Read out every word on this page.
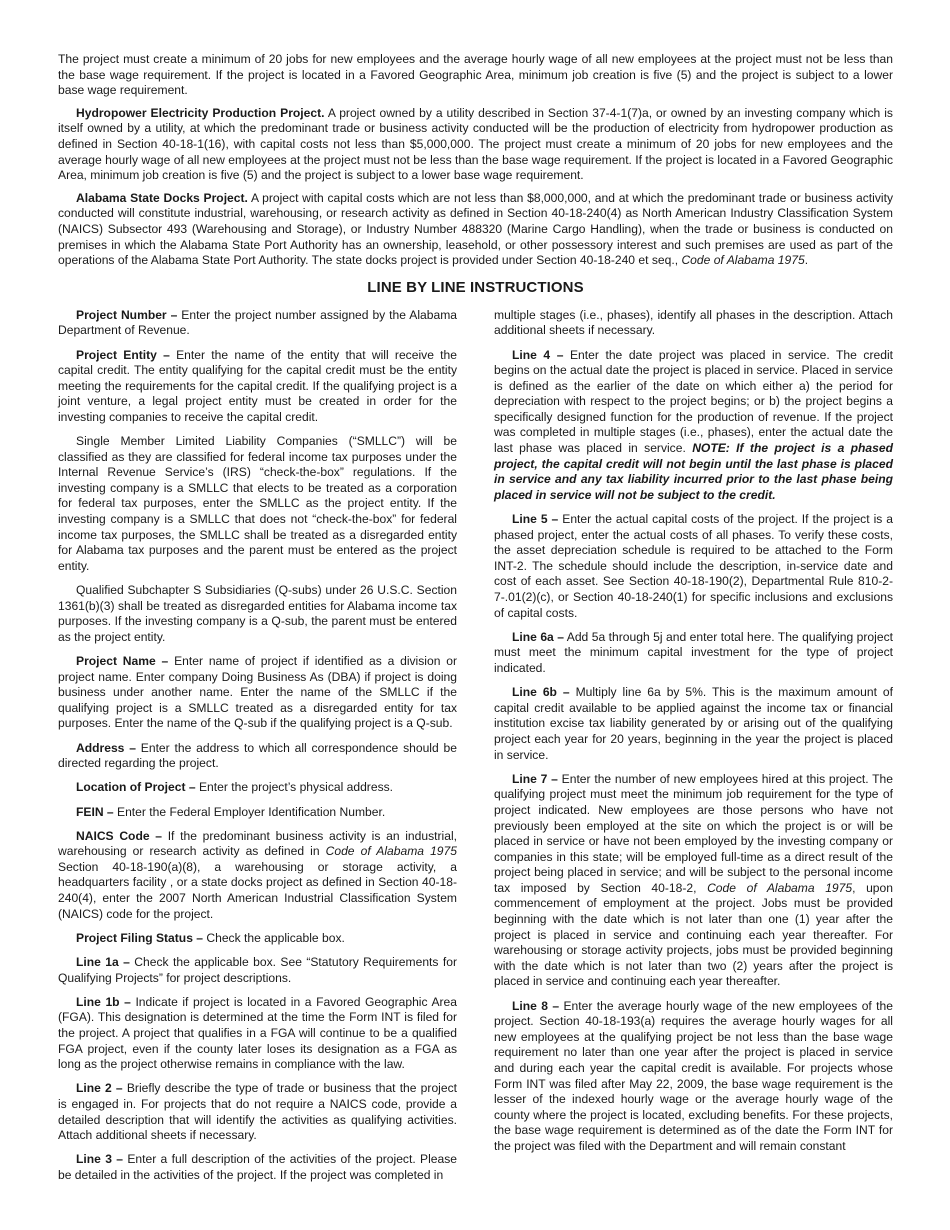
The project must create a minimum of 20 jobs for new employees and the average hourly wage of all new employees at the project must not be less than the base wage requirement. If the project is located in a Favored Geographic Area, minimum job creation is five (5) and the project is subject to a lower base wage requirement.

Hydropower Electricity Production Project. A project owned by a utility described in Section 37-4-1(7)a, or owned by an investing company which is itself owned by a utility, at which the predominant trade or business activity conducted will be the production of electricity from hydropower production as defined in Section 40-18-1(16), with capital costs not less than $5,000,000. The project must create a minimum of 20 jobs for new employees and the average hourly wage of all new employees at the project must not be less than the base wage requirement. If the project is located in a Favored Geographic Area, minimum job creation is five (5) and the project is subject to a lower base wage requirement.

Alabama State Docks Project. A project with capital costs which are not less than $8,000,000, and at which the predominant trade or business activity conducted will constitute industrial, warehousing, or research activity as defined in Section 40-18-240(4) as North American Industry Classification System (NAICS) Subsector 493 (Warehousing and Storage), or Industry Number 488320 (Marine Cargo Handling), when the trade or business is conducted on premises in which the Alabama State Port Authority has an ownership, leasehold, or other possessory interest and such premises are used as part of the operations of the Alabama State Port Authority. The state docks project is provided under Section 40-18-240 et seq., Code of Alabama 1975.

LINE BY LINE INSTRUCTIONS

Project Number – Enter the project number assigned by the Alabama Department of Revenue.

Project Entity – Enter the name of the entity that will receive the capital credit. The entity qualifying for the capital credit must be the entity meeting the requirements for the capital credit. If the qualifying project is a joint venture, a legal project entity must be created in order for the investing companies to receive the capital credit.

Single Member Limited Liability Companies (“SMLLC”) will be classified as they are classified for federal income tax purposes under the Internal Revenue Service’s (IRS) “check-the-box” regulations. If the investing company is a SMLLC that elects to be treated as a corporation for federal tax purposes, enter the SMLLC as the project entity. If the investing company is a SMLLC that does not “check-the-box” for federal income tax purposes, the SMLLC shall be treated as a disregarded entity for Alabama tax purposes and the parent must be entered as the project entity.

Qualified Subchapter S Subsidiaries (Q-subs) under 26 U.S.C. Section 1361(b)(3) shall be treated as disregarded entities for Alabama income tax purposes. If the investing company is a Q-sub, the parent must be entered as the project entity.

Project Name – Enter name of project if identified as a division or project name. Enter company Doing Business As (DBA) if project is doing business under another name. Enter the name of the SMLLC if the qualifying project is a SMLLC treated as a disregarded entity for tax purposes. Enter the name of the Q-sub if the qualifying project is a Q-sub.

Address – Enter the address to which all correspondence should be directed regarding the project.

Location of Project – Enter the project’s physical address.

FEIN – Enter the Federal Employer Identification Number.

NAICS Code – If the predominant business activity is an industrial, warehousing or research activity as defined in Code of Alabama 1975 Section 40-18-190(a)(8), a warehousing or storage activity, a headquarters facility , or a state docks project as defined in Section 40-18-240(4), enter the 2007 North American Industrial Classification System (NAICS) code for the project.

Project Filing Status – Check the applicable box.

Line 1a – Check the applicable box. See “Statutory Requirements for Qualifying Projects” for project descriptions.

Line 1b – Indicate if project is located in a Favored Geographic Area (FGA). This designation is determined at the time the Form INT is filed for the project. A project that qualifies in a FGA will continue to be a qualified FGA project, even if the county later loses its designation as a FGA as long as the project otherwise remains in compliance with the law.

Line 2 – Briefly describe the type of trade or business that the project is engaged in. For projects that do not require a NAICS code, provide a detailed description that will identify the activities as qualifying activities. Attach additional sheets if necessary.

Line 3 – Enter a full description of the activities of the project. Please be detailed in the activities of the project. If the project was completed in

multiple stages (i.e., phases), identify all phases in the description. Attach additional sheets if necessary.

Line 4 – Enter the date project was placed in service. The credit begins on the actual date the project is placed in service. Placed in service is defined as the earlier of the date on which either a) the period for depreciation with respect to the project begins; or b) the project begins a specifically designed function for the production of revenue. If the project was completed in multiple stages (i.e., phases), enter the actual date the last phase was placed in service. NOTE: If the project is a phased project, the capital credit will not begin until the last phase is placed in service and any tax liability incurred prior to the last phase being placed in service will not be subject to the credit.

Line 5 – Enter the actual capital costs of the project. If the project is a phased project, enter the actual costs of all phases. To verify these costs, the asset depreciation schedule is required to be attached to the Form INT-2. The schedule should include the description, in-service date and cost of each asset. See Section 40-18-190(2), Departmental Rule 810-2-7-.01(2)(c), or Section 40-18-240(1) for specific inclusions and exclusions of capital costs.

Line 6a – Add 5a through 5j and enter total here. The qualifying project must meet the minimum capital investment for the type of project indicated.

Line 6b – Multiply line 6a by 5%. This is the maximum amount of capital credit available to be applied against the income tax or financial institution excise tax liability generated by or arising out of the qualifying project each year for 20 years, beginning in the year the project is placed in service.

Line 7 – Enter the number of new employees hired at this project. The qualifying project must meet the minimum job requirement for the type of project indicated. New employees are those persons who have not previously been employed at the site on which the project is or will be placed in service or have not been employed by the investing company or companies in this state; will be employed full-time as a direct result of the project being placed in service; and will be subject to the personal income tax imposed by Section 40-18-2, Code of Alabama 1975, upon commencement of employment at the project. Jobs must be provided beginning with the date which is not later than one (1) year after the project is placed in service and continuing each year thereafter. For warehousing or storage activity projects, jobs must be provided beginning with the date which is not later than two (2) years after the project is placed in service and continuing each year thereafter.

Line 8 – Enter the average hourly wage of the new employees of the project. Section 40-18-193(a) requires the average hourly wages for all new employees at the qualifying project be not less than the base wage requirement no later than one year after the project is placed in service and during each year the capital credit is available. For projects whose Form INT was filed after May 22, 2009, the base wage requirement is the lesser of the indexed hourly wage or the average hourly wage of the county where the project is located, excluding benefits. For these projects, the base wage requirement is determined as of the date the Form INT for the project was filed with the Department and will remain constant
